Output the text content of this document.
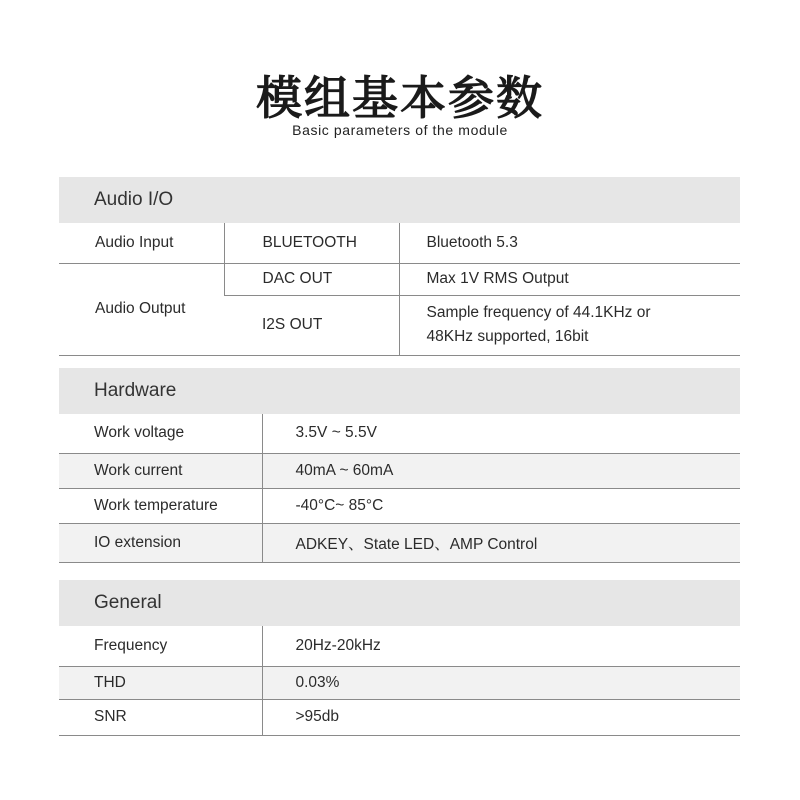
模组基本参数
Basic parameters of the module
Audio I/O
Audio Input	BLUETOOTH	Bluetooth 5.3
Audio Output	DAC OUT	Max 1V RMS Output
	I2S OUT	Sample frequency of 44.1KHz or
48KHz supported, 16bit
Hardware
Work voltage	3.5V ~ 5.5V
Work current	40mA ~ 60mA
Work temperature	-40°C~ 85°C
IO extension	ADKEY、State LED、AMP Control
General
Frequency	20Hz-20kHz
THD	0.03%
SNR	>95db
